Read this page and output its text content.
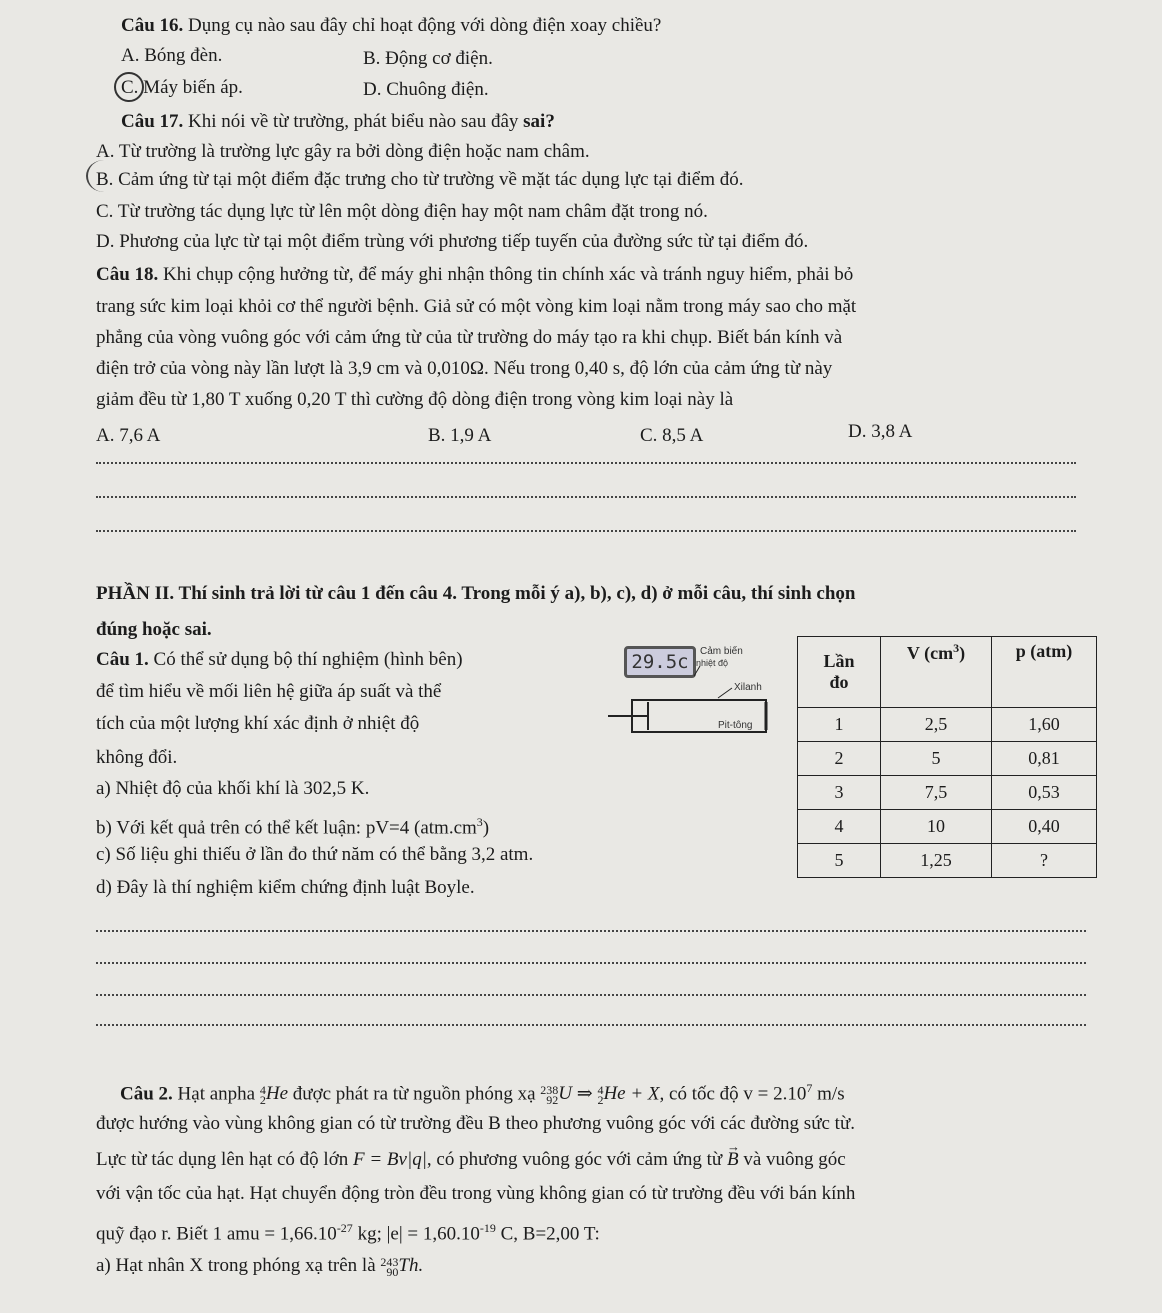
Câu 16. Dụng cụ nào sau đây chỉ hoạt động với dòng điện xoay chiều?
A. Bóng đèn.	B. Động cơ điện.
C. Máy biến áp.	D. Chuông điện.
Câu 17. Khi nói về từ trường, phát biểu nào sau đây sai?
A. Từ trường là trường lực gây ra bởi dòng điện hoặc nam châm.
B. Cảm ứng từ tại một điểm đặc trưng cho từ trường về mặt tác dụng lực tại điểm đó.
C. Từ trường tác dụng lực từ lên một dòng điện hay một nam châm đặt trong nó.
D. Phương của lực từ tại một điểm trùng với phương tiếp tuyến của đường sức từ tại điểm đó.
Câu 18. Khi chụp cộng hưởng từ, để máy ghi nhận thông tin chính xác và tránh nguy hiểm, phải bỏ
trang sức kim loại khỏi cơ thể người bệnh. Giả sử có một vòng kim loại nằm trong máy sao cho mặt
phẳng của vòng vuông góc với cảm ứng từ của từ trường do máy tạo ra khi chụp. Biết bán kính và
điện trở của vòng này lần lượt là 3,9 cm và 0,010Ω. Nếu trong 0,40 s, độ lớn của cảm ứng từ này
giảm đều từ 1,80 T xuống 0,20 T thì cường độ dòng điện trong vòng kim loại này là
A. 7,6 A	B. 1,9 A	C. 8,5 A	D. 3,8 A
PHẦN II. Thí sinh trả lời từ câu 1 đến câu 4. Trong mỗi ý a), b), c), d) ở mỗi câu, thí sinh chọn
đúng hoặc sai.
Câu 1. Có thể sử dụng bộ thí nghiệm (hình bên)
để tìm hiểu về mối liên hệ giữa áp suất và thể
tích của một lượng khí xác định ở nhiệt độ
không đổi.
a) Nhiệt độ của khối khí là 302,5 K.
b) Với kết quả trên có thể kết luận: pV=4 $(atm.cm^3)$
c) Số liệu ghi thiếu ở lần đo thứ năm có thể bằng 3,2 atm.
d) Đây là thí nghiệm kiểm chứng định luật Boyle.
29.5c	Cảm biến
nhiệt độ
Xilanh
Pit-tông
Lần
đo	V $(cm^3)$	p (atm)
1	2,5	1,60
2	5	0,81
3	7,5	0,53
4	10	0,40
5	1,25	?
Câu 2. Hạt anpha 4
2He được phát ra từ nguồn phóng xạ 238
92U ⇒ 4
2He + X, có tốc độ $v = 2.10^7$ m/s
được hướng vào vùng không gian có từ trường đều B theo phương vuông góc với các đường sức từ.
Lực từ tác dụng lên hạt có độ lớn F = Bv|q|, có phương vuông góc với cảm ứng từ
→
B và vuông góc
với vận tốc của hạt. Hạt chuyển động tròn đều trong vùng không gian có từ trường đều với bán kính
quỹ đạo r. Biết 1 amu = $1,66.10^{-27}$ kg; $|e| = 1,60.10^{-19}$ C, B=2,00 T:
a) Hạt nhân X trong phóng xạ trên là 243
90Th.
